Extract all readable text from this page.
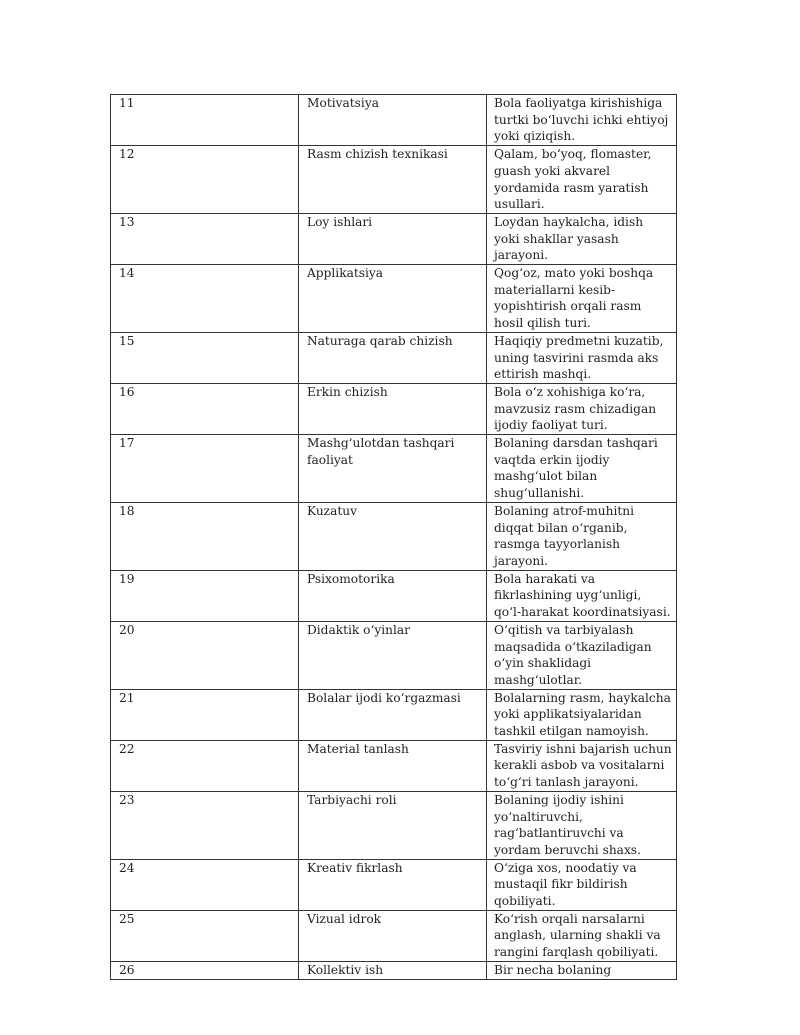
11	Motivatsiya	Bola faoliyatga kirishishiga turtki bo‘luvchi ichki ehtiyoj yoki qiziqish.
12	Rasm chizish texnikasi	Qalam, bo‘yoq, flomaster, guash yoki akvarel yordamida rasm yaratish usullari.
13	Loy ishlari	Loydan haykalcha, idish yoki shakllar yasash jarayoni.
14	Applikatsiya	Qog‘oz, mato yoki boshqa materiallarni kesib-yopishtirish orqali rasm hosil qilish turi.
15	Naturaga qarab chizish	Haqiqiy predmetni kuzatib, uning tasvirini rasmda aks ettirish mashqi.
16	Erkin chizish	Bola o‘z xohishiga ko‘ra, mavzusiz rasm chizadigan ijodiy faoliyat turi.
17	Mashg‘ulotdan tashqari faoliyat	Bolaning darsdan tashqari vaqtda erkin ijodiy mashg‘ulot bilan shug‘ullanishi.
18	Kuzatuv	Bolaning atrof-muhitni diqqat bilan o‘rganib, rasmga tayyorlanish jarayoni.
19	Psixomotorika	Bola harakati va fikrlashining uyg‘unligi, qo‘l-harakat koordinatsiyasi.
20	Didaktik o‘yinlar	O‘qitish va tarbiyalash maqsadida o‘tkaziladigan o‘yin shaklidagi mashg‘ulotlar.
21	Bolalar ijodi ko‘rgazmasi	Bolalarning rasm, haykalcha yoki applikatsiyalaridan tashkil etilgan namoyish.
22	Material tanlash	Tasviriy ishni bajarish uchun kerakli asbob va vositalarni to‘g‘ri tanlash jarayoni.
23	Tarbiyachi roli	Bolaning ijodiy ishini yo‘naltiruvchi, rag‘batlantiruvchi va yordam beruvchi shaxs.
24	Kreativ fikrlash	O‘ziga xos, noodatiy va mustaqil fikr bildirish qobiliyati.
25	Vizual idrok	Ko‘rish orqali narsalarni anglash, ularning shakli va rangini farqlash qobiliyati.
26	Kollektiv ish	Bir necha bolaning
